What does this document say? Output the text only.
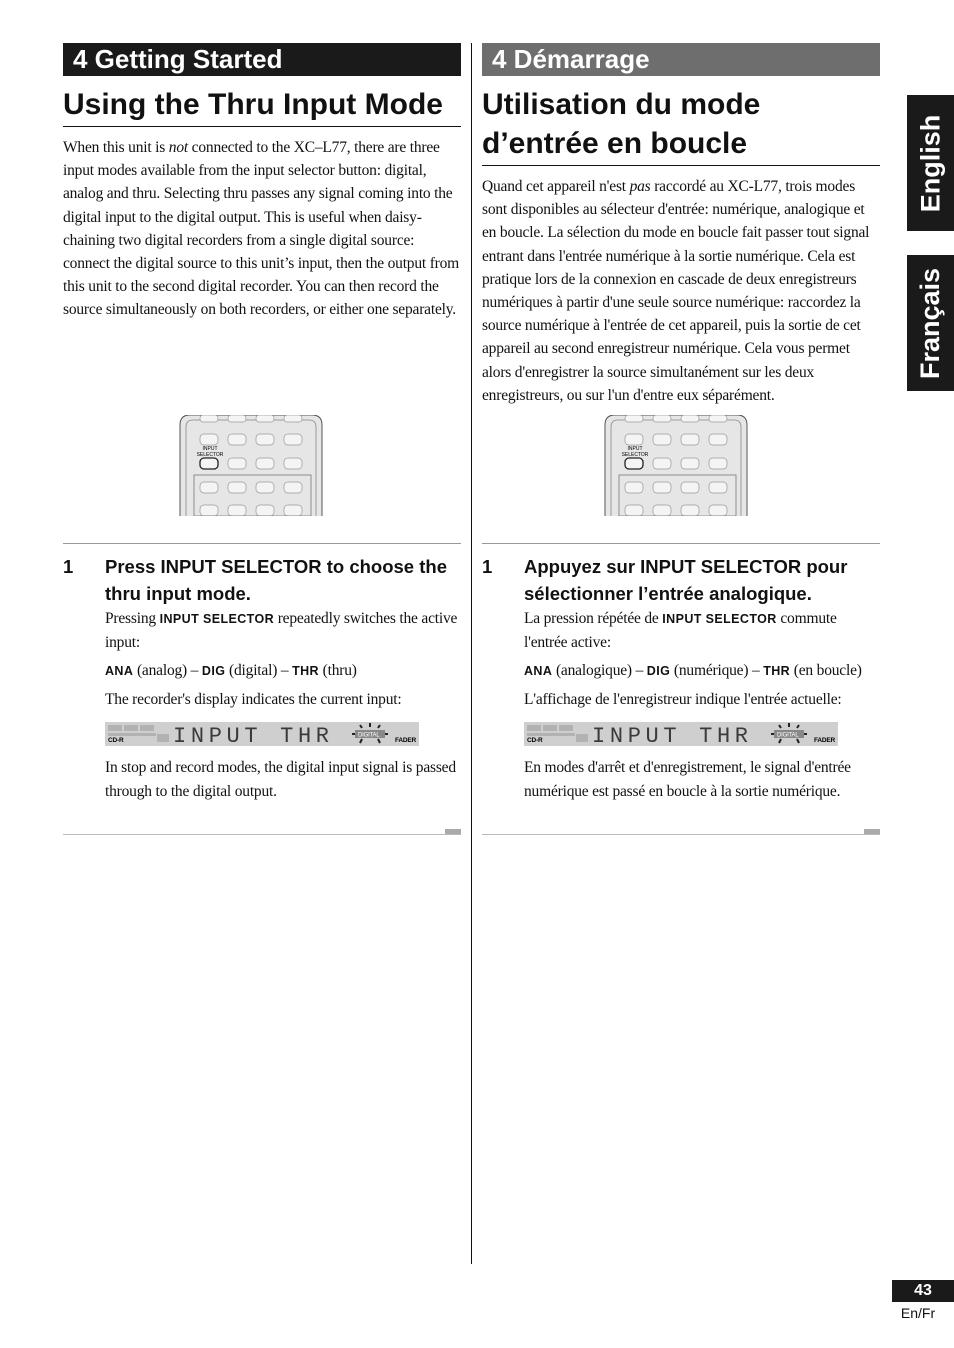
4 Getting Started
Using the Thru Input Mode

When this unit is not connected to the XC–L77, there are three input modes available from the input selector button: digital, analog and thru. Selecting thru passes any signal coming into the digital input to the digital output. This is useful when daisy-chaining two digital recorders from a single digital source: connect the digital source to this unit’s input, then the output from this unit to the second digital recorder. You can then record the source simultaneously on both recorders, or either one separately.

4 Démarrage
Utilisation du mode d’entrée en boucle

Quand cet appareil n'est pas raccordé au XC-L77, trois modes sont disponibles au sélecteur d'entrée: numérique, analogique et en boucle. La sélection du mode en boucle fait passer tout signal entrant dans l'entrée numérique à la sortie numérique. Cela est pratique lors de la connexion en cascade de deux enregistreurs numériques à partir d'une seule source numérique: raccordez la source numérique à l'entrée de cet appareil, puis la sortie de cet appareil au second enregistreur numérique. Cela vous permet alors d'enregistrer la source simultanément sur les deux enregistreurs, ou sur l'un d'entre eux séparément.

INPUT
SELECTOR
INPUT
SELECTOR
1	Press INPUT SELECTOR to choose the thru input mode.

Pressing INPUT SELECTOR repeatedly switches the active input:

ANA (analog) – DIG (digital) – THR (thru)

The recorder's display indicates the current input:

CD-R INPUT THR	DIGITAL
FADER

In stop and record modes, the digital input signal is passed through to the digital output.

1	Appuyez sur INPUT SELECTOR pour sélectionner l’entrée analogique.

La pression répétée de INPUT SELECTOR commute l'entrée active:

ANA (analogique) – DIG (numérique) – THR (en boucle)

L'affichage de l'enregistreur indique l'entrée actuelle:

CD-R INPUT THR	DIGITAL
FADER

En modes d'arrêt et d'enregistrement, le signal d'entrée numérique est passé en boucle à la sortie numérique.

English
Français
43
En/Fr
